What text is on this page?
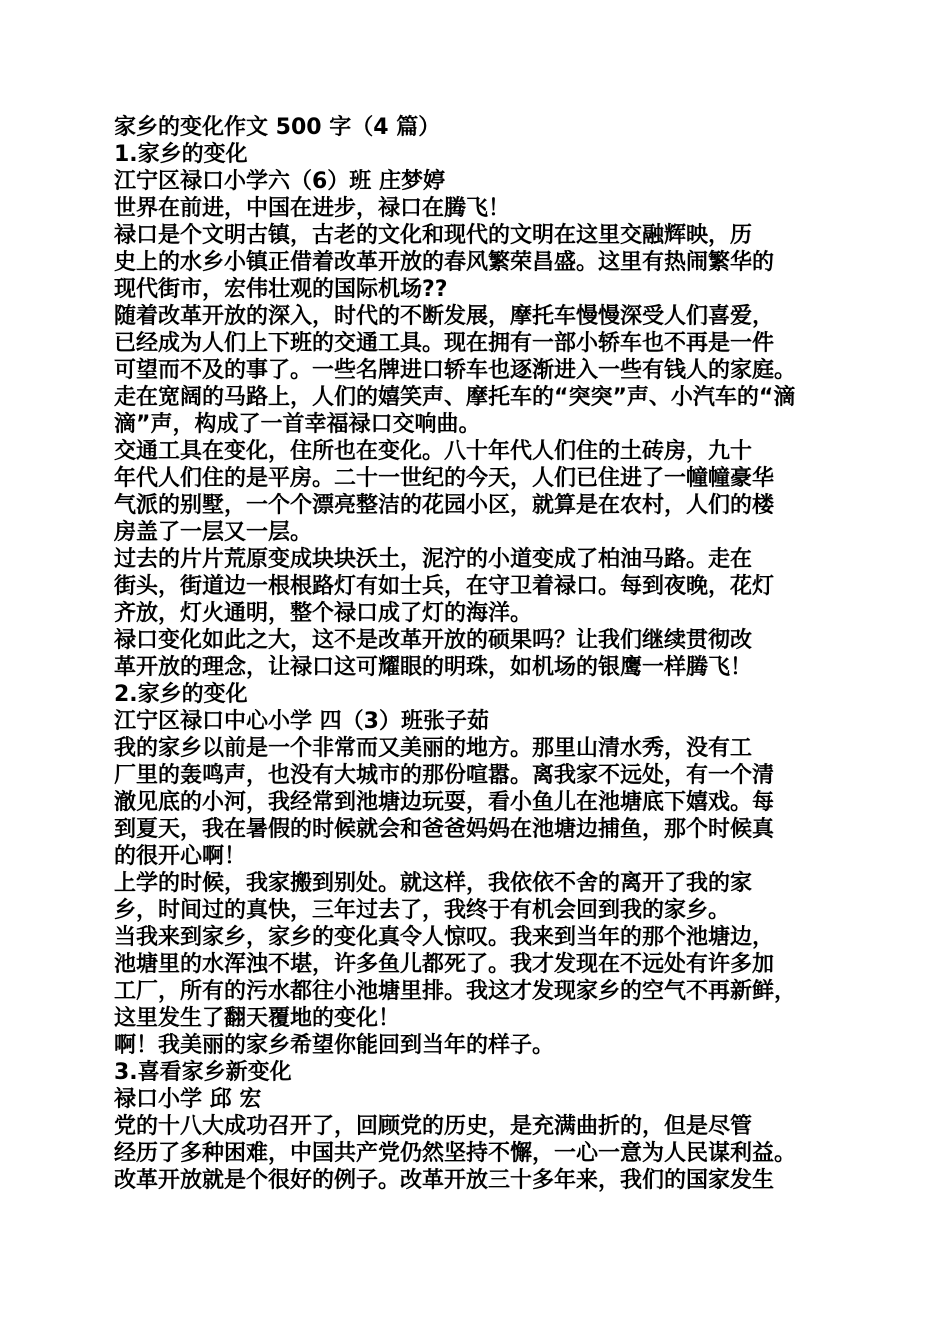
家乡的变化作文 500 字（4 篇）
1.家乡的变化
江宁区禄口小学六（6）班 庄梦婷
世界在前进，中国在进步，禄口在腾飞！
禄口是个文明古镇，古老的文化和现代的文明在这里交融辉映，历
史上的水乡小镇正借着改革开放的春风繁荣昌盛。这里有热闹繁华的
现代街市，宏伟壮观的国际机场??
随着改革开放的深入，时代的不断发展，摩托车慢慢深受人们喜爱，
已经成为人们上下班的交通工具。现在拥有一部小轿车也不再是一件
可望而不及的事了。一些名牌进口轿车也逐渐进入一些有钱人的家庭。
走在宽阔的马路上，人们的嬉笑声、摩托车的“突突”声、小汽车的“滴
滴”声，构成了一首幸福禄口交响曲。
交通工具在变化，住所也在变化。八十年代人们住的土砖房，九十
年代人们住的是平房。二十一世纪的今天，人们已住进了一幢幢豪华
气派的别墅，一个个漂亮整洁的花园小区，就算是在农村，人们的楼
房盖了一层又一层。
过去的片片荒原变成块块沃土，泥泞的小道变成了柏油马路。走在
街头，街道边一根根路灯有如士兵，在守卫着禄口。每到夜晚，花灯
齐放，灯火通明，整个禄口成了灯的海洋。
禄口变化如此之大，这不是改革开放的硕果吗？让我们继续贯彻改
革开放的理念，让禄口这可耀眼的明珠，如机场的银鹰一样腾飞！
2.家乡的变化
江宁区禄口中心小学 四（3）班张子茹
我的家乡以前是一个非常而又美丽的地方。那里山清水秀，没有工
厂里的轰鸣声，也没有大城市的那份喧嚣。离我家不远处，有一个清
澈见底的小河，我经常到池塘边玩耍，看小鱼儿在池塘底下嬉戏。每
到夏天，我在暑假的时候就会和爸爸妈妈在池塘边捕鱼，那个时候真
的很开心啊！
上学的时候，我家搬到别处。就这样，我依依不舍的离开了我的家
乡，时间过的真快，三年过去了，我终于有机会回到我的家乡。
当我来到家乡，家乡的变化真令人惊叹。我来到当年的那个池塘边，
池塘里的水浑浊不堪，许多鱼儿都死了。我才发现在不远处有许多加
工厂，所有的污水都往小池塘里排。我这才发现家乡的空气不再新鲜，
这里发生了翻天覆地的变化！
啊！我美丽的家乡希望你能回到当年的样子。
3.喜看家乡新变化
禄口小学 邱 宏
党的十八大成功召开了，回顾党的历史，是充满曲折的，但是尽管
经历了多种困难，中国共产党仍然坚持不懈，一心一意为人民谋利益。
改革开放就是个很好的例子。改革开放三十多年来，我们的国家发生
